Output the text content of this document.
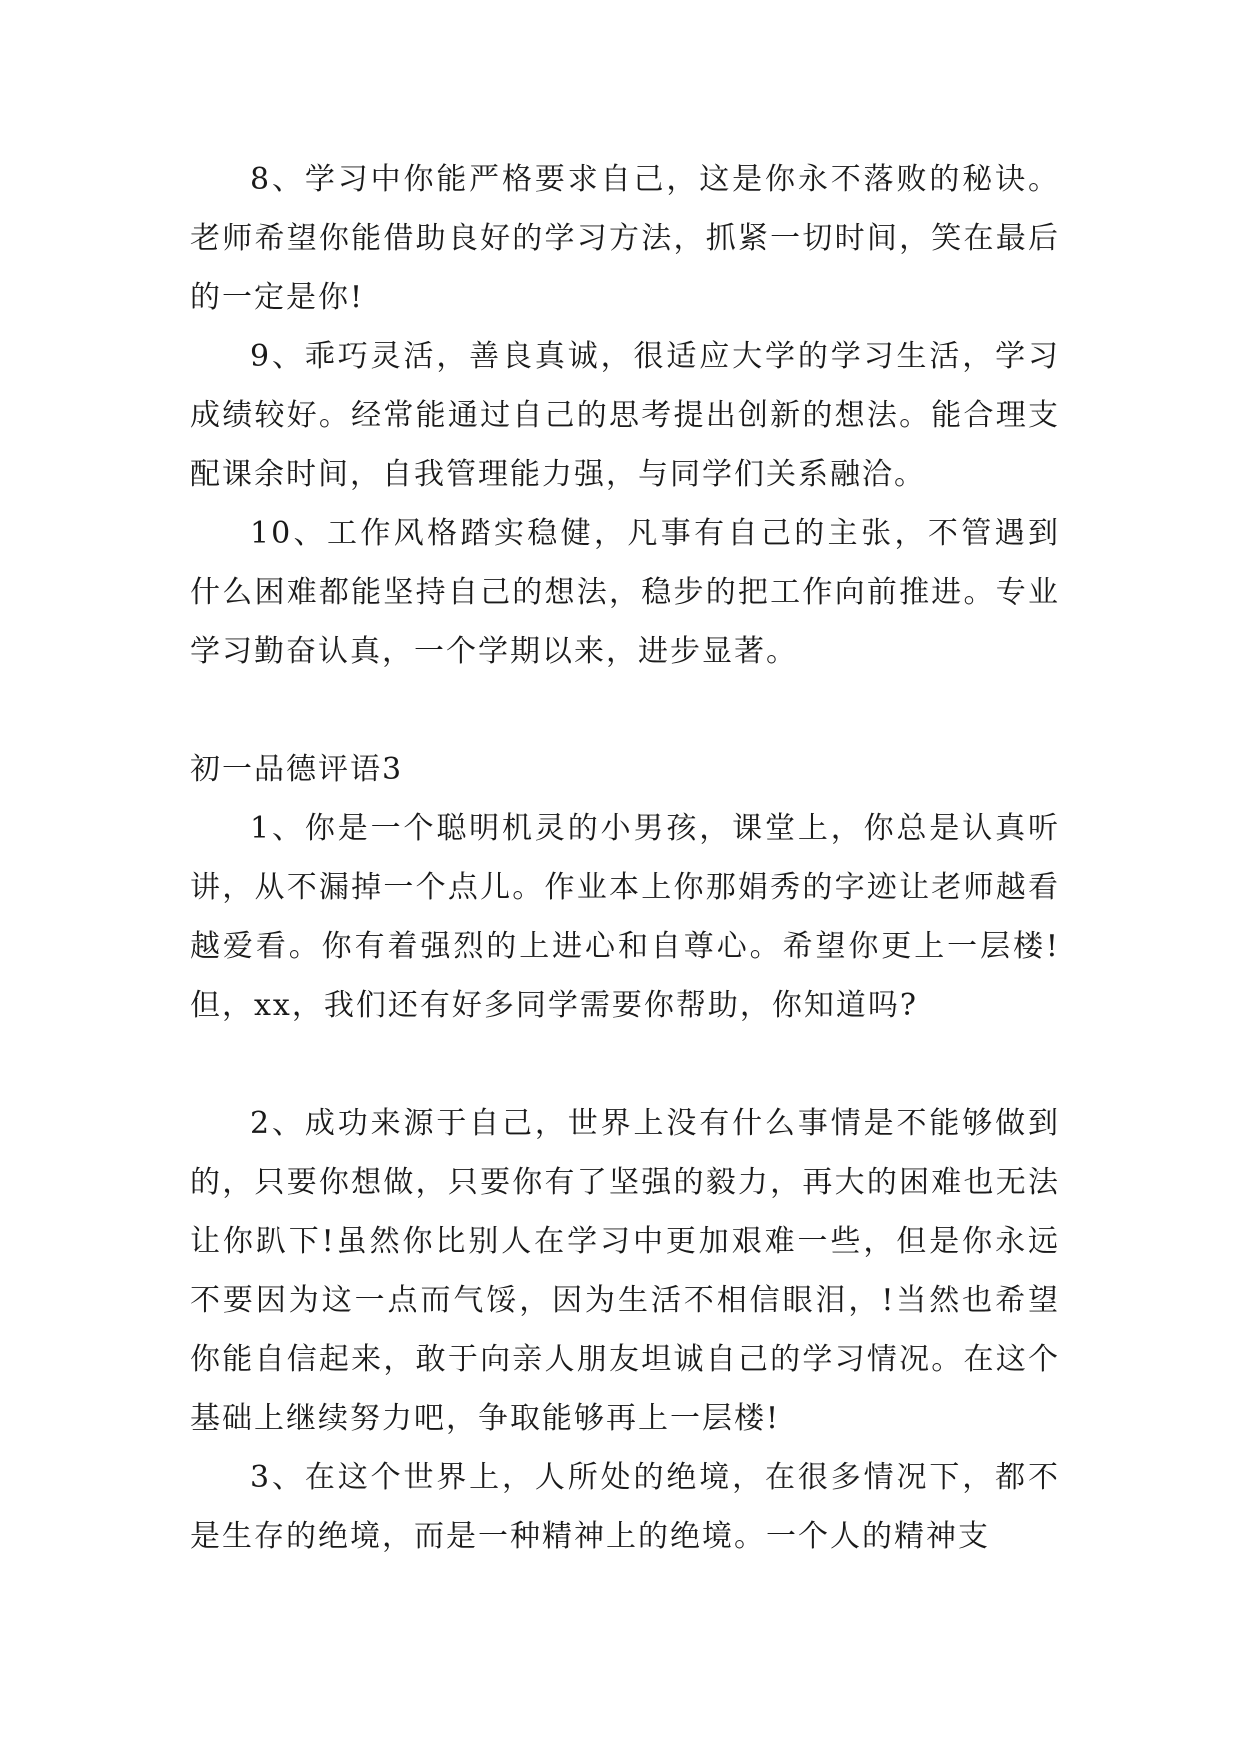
8、学习中你能严格要求自己，这是你永不落败的秘诀。老师希望你能借助良好的学习方法，抓紧一切时间，笑在最后的一定是你!

9、乖巧灵活，善良真诚，很适应大学的学习生活，学习成绩较好。经常能通过自己的思考提出创新的想法。能合理支配课余时间，自我管理能力强，与同学们关系融洽。

10、工作风格踏实稳健，凡事有自己的主张，不管遇到什么困难都能坚持自己的想法，稳步的把工作向前推进。专业学习勤奋认真，一个学期以来，进步显著。

初一品德评语3

1、你是一个聪明机灵的小男孩，课堂上，你总是认真听讲，从不漏掉一个点儿。作业本上你那娟秀的字迹让老师越看越爱看。你有着强烈的上进心和自尊心。希望你更上一层楼!但，xx，我们还有好多同学需要你帮助，你知道吗?

2、成功来源于自己，世界上没有什么事情是不能够做到的，只要你想做，只要你有了坚强的毅力，再大的困难也无法让你趴下!虽然你比别人在学习中更加艰难一些，但是你永远不要因为这一点而气馁，因为生活不相信眼泪，!当然也希望你能自信起来，敢于向亲人朋友坦诚自己的学习情况。在这个基础上继续努力吧，争取能够再上一层楼!

3、在这个世界上，人所处的绝境，在很多情况下，都不是生存的绝境，而是一种精神上的绝境。一个人的精神支
